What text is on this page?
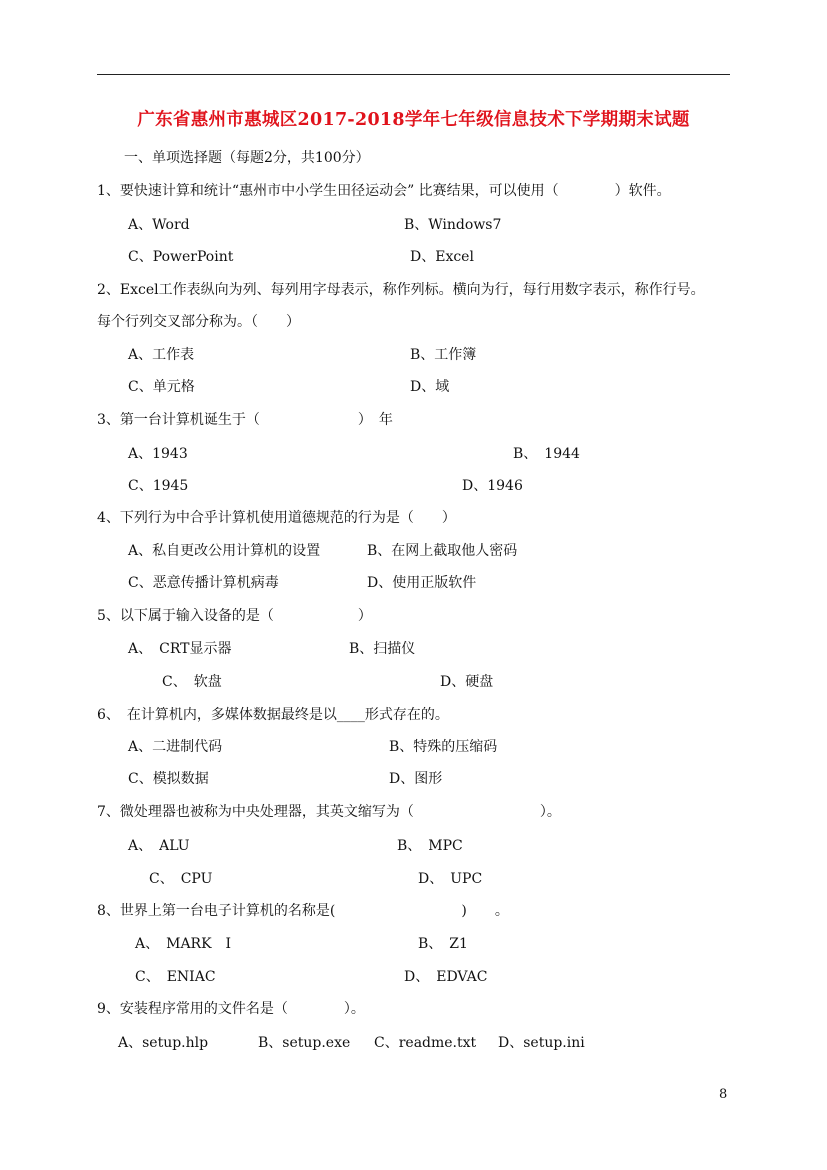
广东省惠州市惠城区2017-2018学年七年级信息技术下学期期末试题
一、单项选择题（每题2分，共100分）
1、要快速计算和统计“惠州市中小学生田径运动会” 比赛结果，可以使用（　　　　）软件。
A、Word	B、Windows7
C、PowerPoint	D、Excel
2、Excel工作表纵向为列、每列用字母表示，称作列标。横向为行，每行用数字表示，称作行号。
每个行列交叉部分称为。（　　）
A、工作表	B、工作簿
C、单元格	D、域
3、第一台计算机诞生于（　　　　　　　）　年
A、1943	B、　1944
C、1945	D、1946
4、下列行为中合乎计算机使用道德规范的行为是（　　）
A、私自更改公用计算机的设置	B、在网上截取他人密码
C、恶意传播计算机病毒	D、使用正版软件
5、以下属于输入设备的是（　　　　　　）
A、　CRT显示器	B、扫描仪
C、　软盘	D、硬盘
6、　在计算机内，多媒体数据最终是以____形式存在的。
A、二进制代码	B、特殊的压缩码
C、模拟数据	D、图形
7、微处理器也被称为中央处理器，其英文缩写为（　　　　　　　　　）。
A、　ALU	B、　MPC
C、　CPU	D、　UPC
8、世界上第一台电子计算机的名称是(　　　　　　　　　)　　。
A、　MARK　I	B、　Z1
C、　ENIAC	D、　EDVAC
9、安装程序常用的文件名是（　　　　）。
A、setup.hlp	B、setup.exe C、readme.txt D、setup.ini
8
